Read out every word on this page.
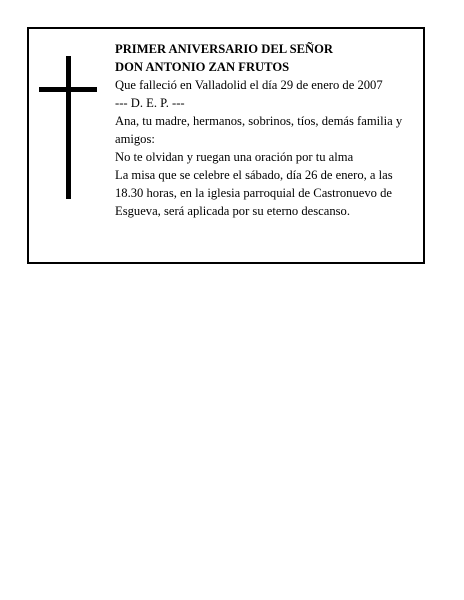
PRIMER ANIVERSARIO DEL SEÑOR

DON ANTONIO ZAN FRUTOS

Que falleció en Valladolid el día 29 de enero de 2007

--- D. E. P. ---

Ana, tu madre, hermanos, sobrinos, tíos, demás familia y amigos:

No te olvidan y ruegan una oración por tu alma

La misa que se celebre el sábado, día 26 de enero, a las 18.30 horas, en la iglesia parroquial de Castronuevo de Esgueva, será aplicada por su eterno descanso.
